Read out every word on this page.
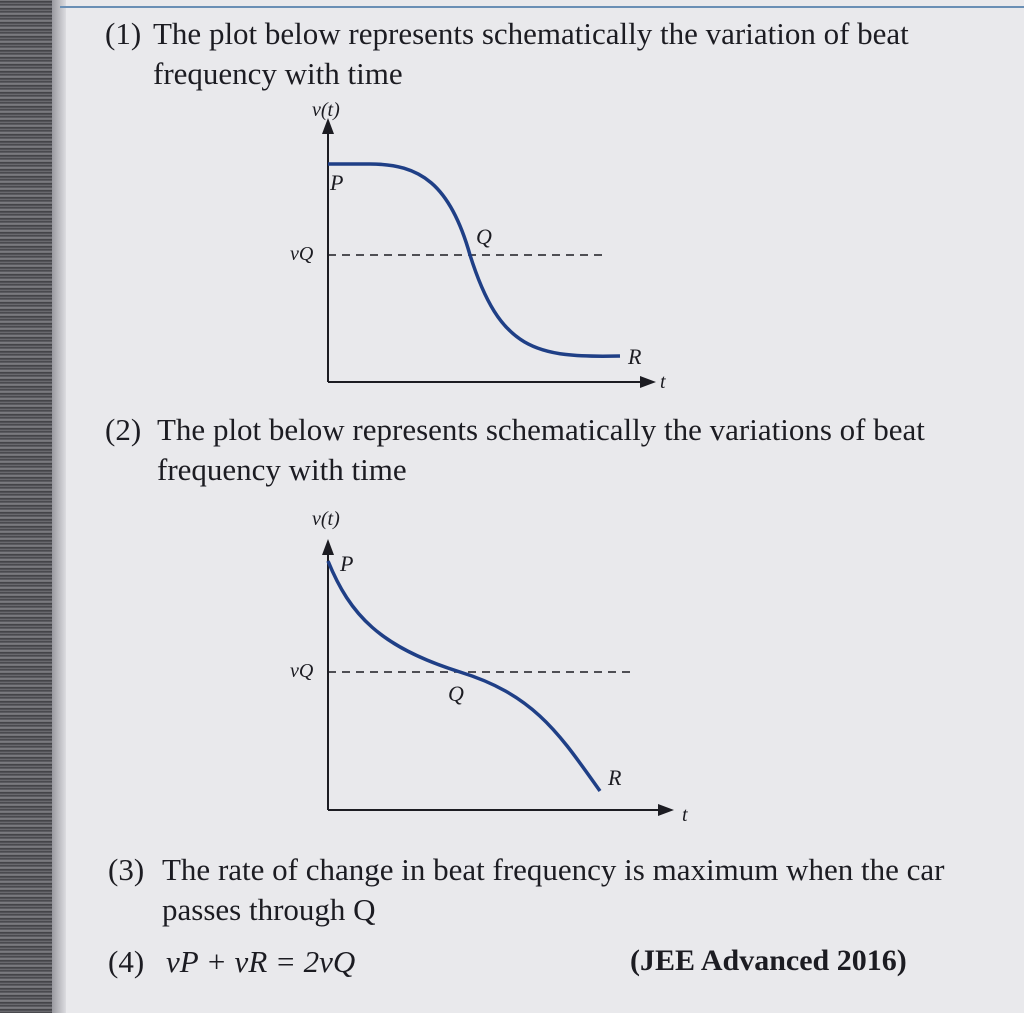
(1) The plot below represents schematically the variation of beat frequency with time
v(t)
t
vQ
P
Q
R
(2) The plot below represents schematically the variations of beat frequency with time
v(t)
t
vQ
P
Q
R
(3) The rate of change in beat frequency is maximum when the car passes through Q
(4) vP + vR = 2vQ	(JEE Advanced 2016)
